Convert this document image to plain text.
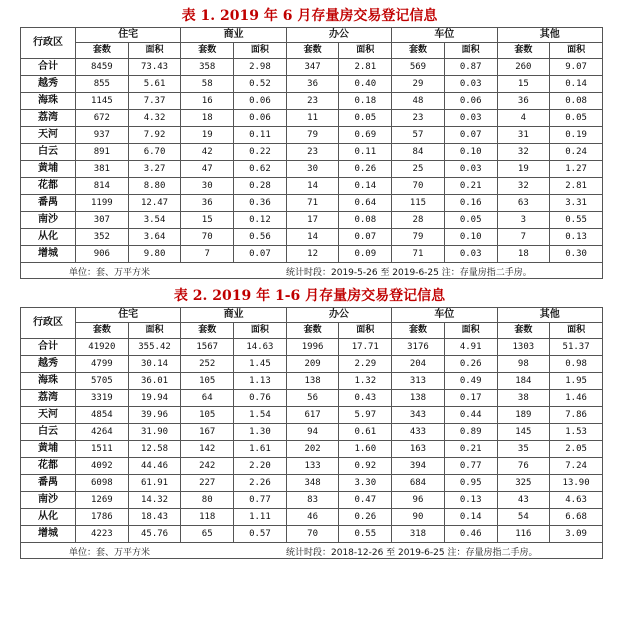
表 1. 2019 年 6 月存量房交易登记信息
行政区	住宅		商业		办公		车位		其他	
	套数	面积	套数	面积	套数	面积	套数	面积	套数	面积
合计	8459	73.43	358	2.98	347	2.81	569	0.87	260	9.07
越秀	855	5.61	58	0.52	36	0.40	29	0.03	15	0.14
海珠	1145	7.37	16	0.06	23	0.18	48	0.06	36	0.08
荔湾	672	4.32	18	0.06	11	0.05	23	0.03	4	0.05
天河	937	7.92	19	0.11	79	0.69	57	0.07	31	0.19
白云	891	6.70	42	0.22	23	0.11	84	0.10	32	0.24
黄埔	381	3.27	47	0.62	30	0.26	25	0.03	19	1.27
花都	814	8.80	30	0.28	14	0.14	70	0.21	32	2.81
番禺	1199	12.47	36	0.36	71	0.64	115	0.16	63	3.31
南沙	307	3.54	15	0.12	17	0.08	28	0.05	3	0.55
从化	352	3.64	70	0.56	14	0.07	79	0.10	7	0.13
增城	906	9.80	7	0.07	12	0.09	71	0.03	18	0.30
单位：套、万平方米	统计时段：2019-5-26 至 2019-6-25 注：存量房指二手房。
表 2. 2019 年 1-6 月存量房交易登记信息
行政区	住宅		商业		办公		车位		其他	
	套数	面积	套数	面积	套数	面积	套数	面积	套数	面积
合计	41920	355.42	1567	14.63	1996	17.71	3176	4.91	1303	51.37
越秀	4799	30.14	252	1.45	209	2.29	204	0.26	98	0.98
海珠	5705	36.01	105	1.13	138	1.32	313	0.49	184	1.95
荔湾	3319	19.94	64	0.76	56	0.43	138	0.17	38	1.46
天河	4854	39.96	105	1.54	617	5.97	343	0.44	189	7.86
白云	4264	31.90	167	1.30	94	0.61	433	0.89	145	1.53
黄埔	1511	12.58	142	1.61	202	1.60	163	0.21	35	2.05
花都	4092	44.46	242	2.20	133	0.92	394	0.77	76	7.24
番禺	6098	61.91	227	2.26	348	3.30	684	0.95	325	13.90
南沙	1269	14.32	80	0.77	83	0.47	96	0.13	43	4.63
从化	1786	18.43	118	1.11	46	0.26	90	0.14	54	6.68
增城	4223	45.76	65	0.57	70	0.55	318	0.46	116	3.09
单位：套、万平方米	统计时段：2018-12-26 至 2019-6-25 注：存量房指二手房。
